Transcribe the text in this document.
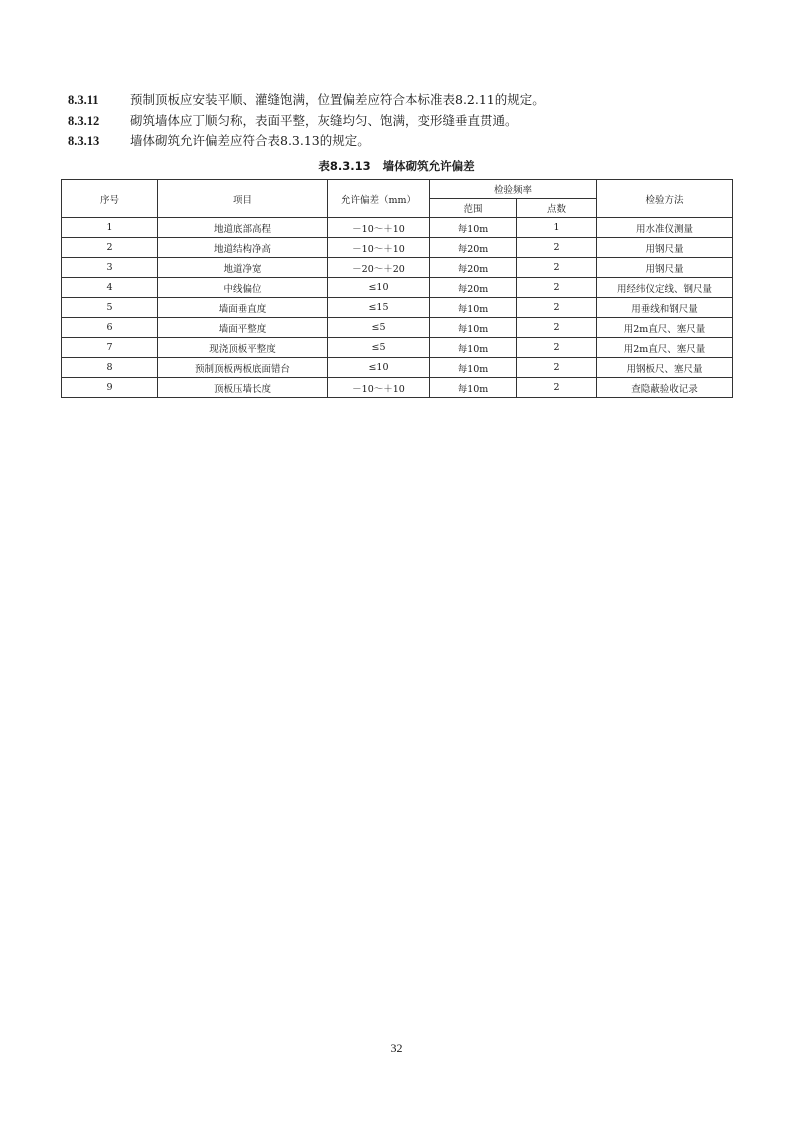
8.3.11	预制顶板应安装平顺、灌缝饱满，位置偏差应符合本标准表8.2.11的规定。
8.3.12 砌筑墙体应丁顺匀称，表面平整，灰缝均匀、饱满，变形缝垂直贯通。
8.3.13 墙体砌筑允许偏差应符合表8.3.13的规定。
表8.3.13 墙体砌筑允许偏差
序号	项目	允许偏差（mm）	检验频率		检验方法
			范围	点数	
1	地道底部高程	－10～＋10	每10m	1	用水准仪测量
2	地道结构净高	－10～＋10	每20m	2	用钢尺量
3	地道净宽	－20～＋20	每20m	2	用钢尺量
4	中线偏位	≤10	每20m	2	用经纬仪定线、钢尺量
5	墙面垂直度	≤15	每10m	2	用垂线和钢尺量
6	墙面平整度	≤5	每10m	2	用2m直尺、塞尺量
7	现浇顶板平整度	≤5	每10m	2	用2m直尺、塞尺量
8	预制顶板两板底面错台	≤10	每10m	2	用钢板尺、塞尺量
9	顶板压墙长度	－10～＋10	每10m	2	查隐蔽验收记录
32
